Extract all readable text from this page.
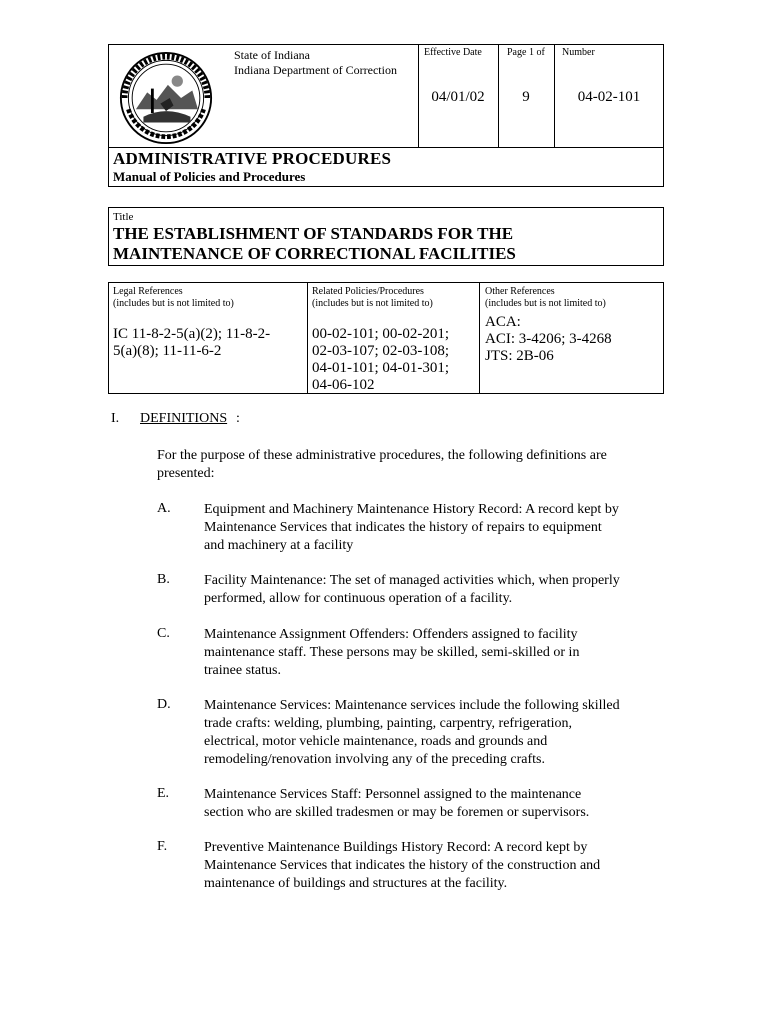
State of Indiana
Indiana Department of Correction
Effective Date	Page 1 of Number
04/01/02	9	04-02-101
ADMINISTRATIVE PROCEDURES
Manual of Policies and Procedures
Title
THE ESTABLISHMENT OF STANDARDS FOR THE
MAINTENANCE OF CORRECTIONAL FACILITIES
Legal References
(includes but is not limited to)
IC 11-8-2-5(a)(2); 11-8-2-
5(a)(8); 11-11-6-2
Related Policies/Procedures
(includes but is not limited to)
00-02-101; 00-02-201;
02-03-107; 02-03-108;
04-01-101; 04-01-301;
04-06-102
Other References
(includes but is not limited to)
ACA:
ACI: 3-4206; 3-4268
JTS: 2B-06
I. DEFINITIONS :
For the purpose of these administrative procedures, the following definitions are
presented:
A. Equipment and Machinery Maintenance History Record: A record kept by
Maintenance Services that indicates the history of repairs to equipment
and machinery at a facility
B. Facility Maintenance: The set of managed activities which, when properly
performed, allow for continuous operation of a facility.
C. Maintenance Assignment Offenders: Offenders assigned to facility
maintenance staff. These persons may be skilled, semi-skilled or in
trainee status.
D. Maintenance Services: Maintenance services include the following skilled
trade crafts: welding, plumbing, painting, carpentry, refrigeration,
electrical, motor vehicle maintenance, roads and grounds and
remodeling/renovation involving any of the preceding crafts.
E. Maintenance Services Staff: Personnel assigned to the maintenance
section who are skilled tradesmen or may be foremen or supervisors.
F.	Preventive Maintenance Buildings History Record: A record kept by
Maintenance Services that indicates the history of the construction and
maintenance of buildings and structures at the facility.
